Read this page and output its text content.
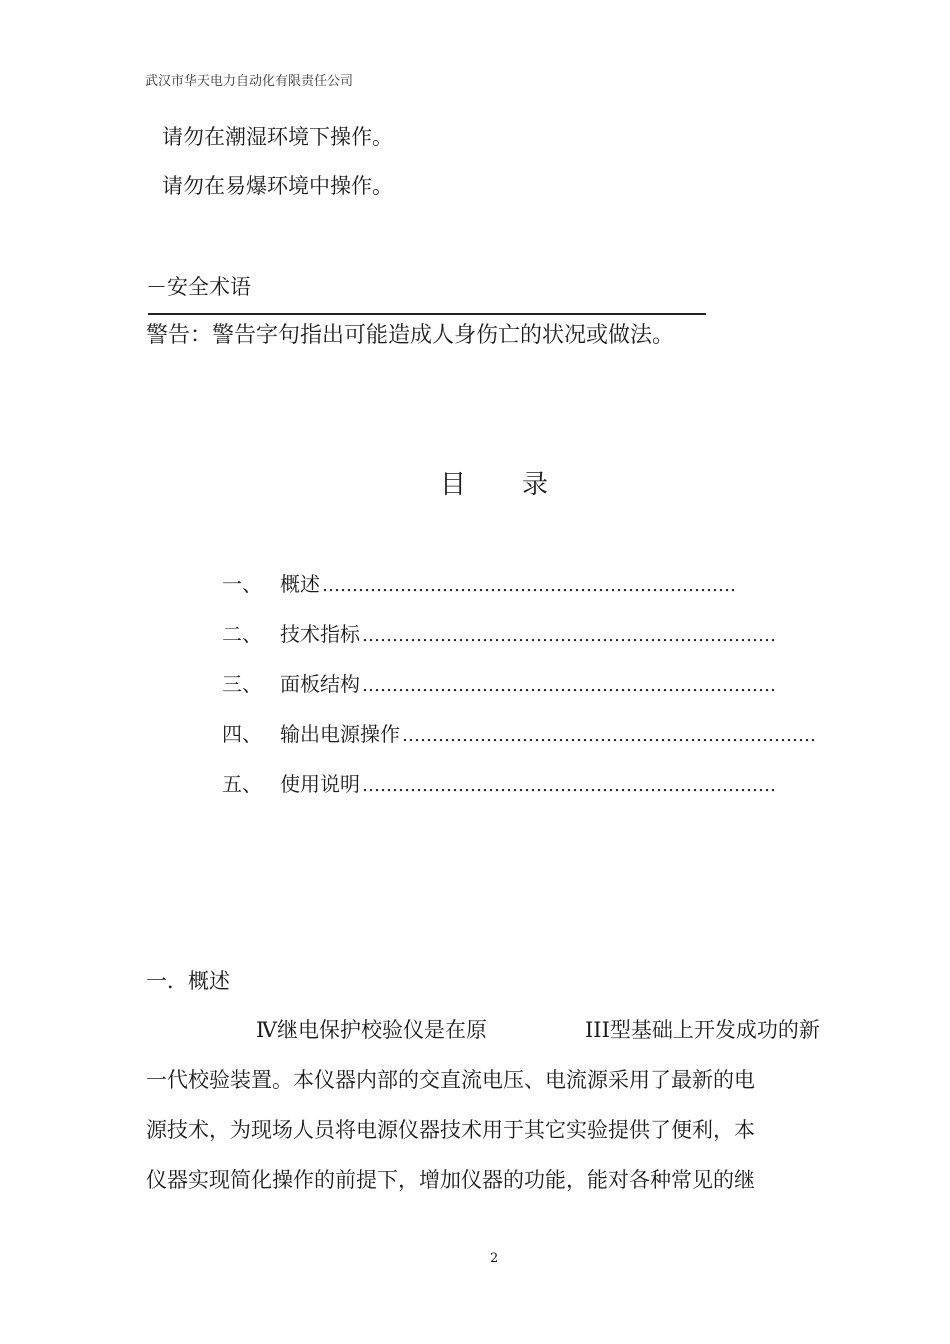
武汉市华天电力自动化有限责任公司
请勿在潮湿环境下操作。
请勿在易爆环境中操作。
－安全术语
警告：警告字句指出可能造成人身伤亡的状况或做法。
目录
一、 概述 ……………………………………………………………
二、 技术指标 ……………………………………………………………
三、 面板结构 ……………………………………………………………
四、 输出电源操作 ……………………………………………………………
五、 使用说明 ……………………………………………………………
一．概述
Ⅳ继电保护校验仪是在原	III型基础上开发成功的新
一代校验装置。本仪器内部的交直流电压、电流源采用了最新的电
源技术，为现场人员将电源仪器技术用于其它实验提供了便利，本
仪器实现简化操作的前提下，增加仪器的功能，能对各种常见的继
2
